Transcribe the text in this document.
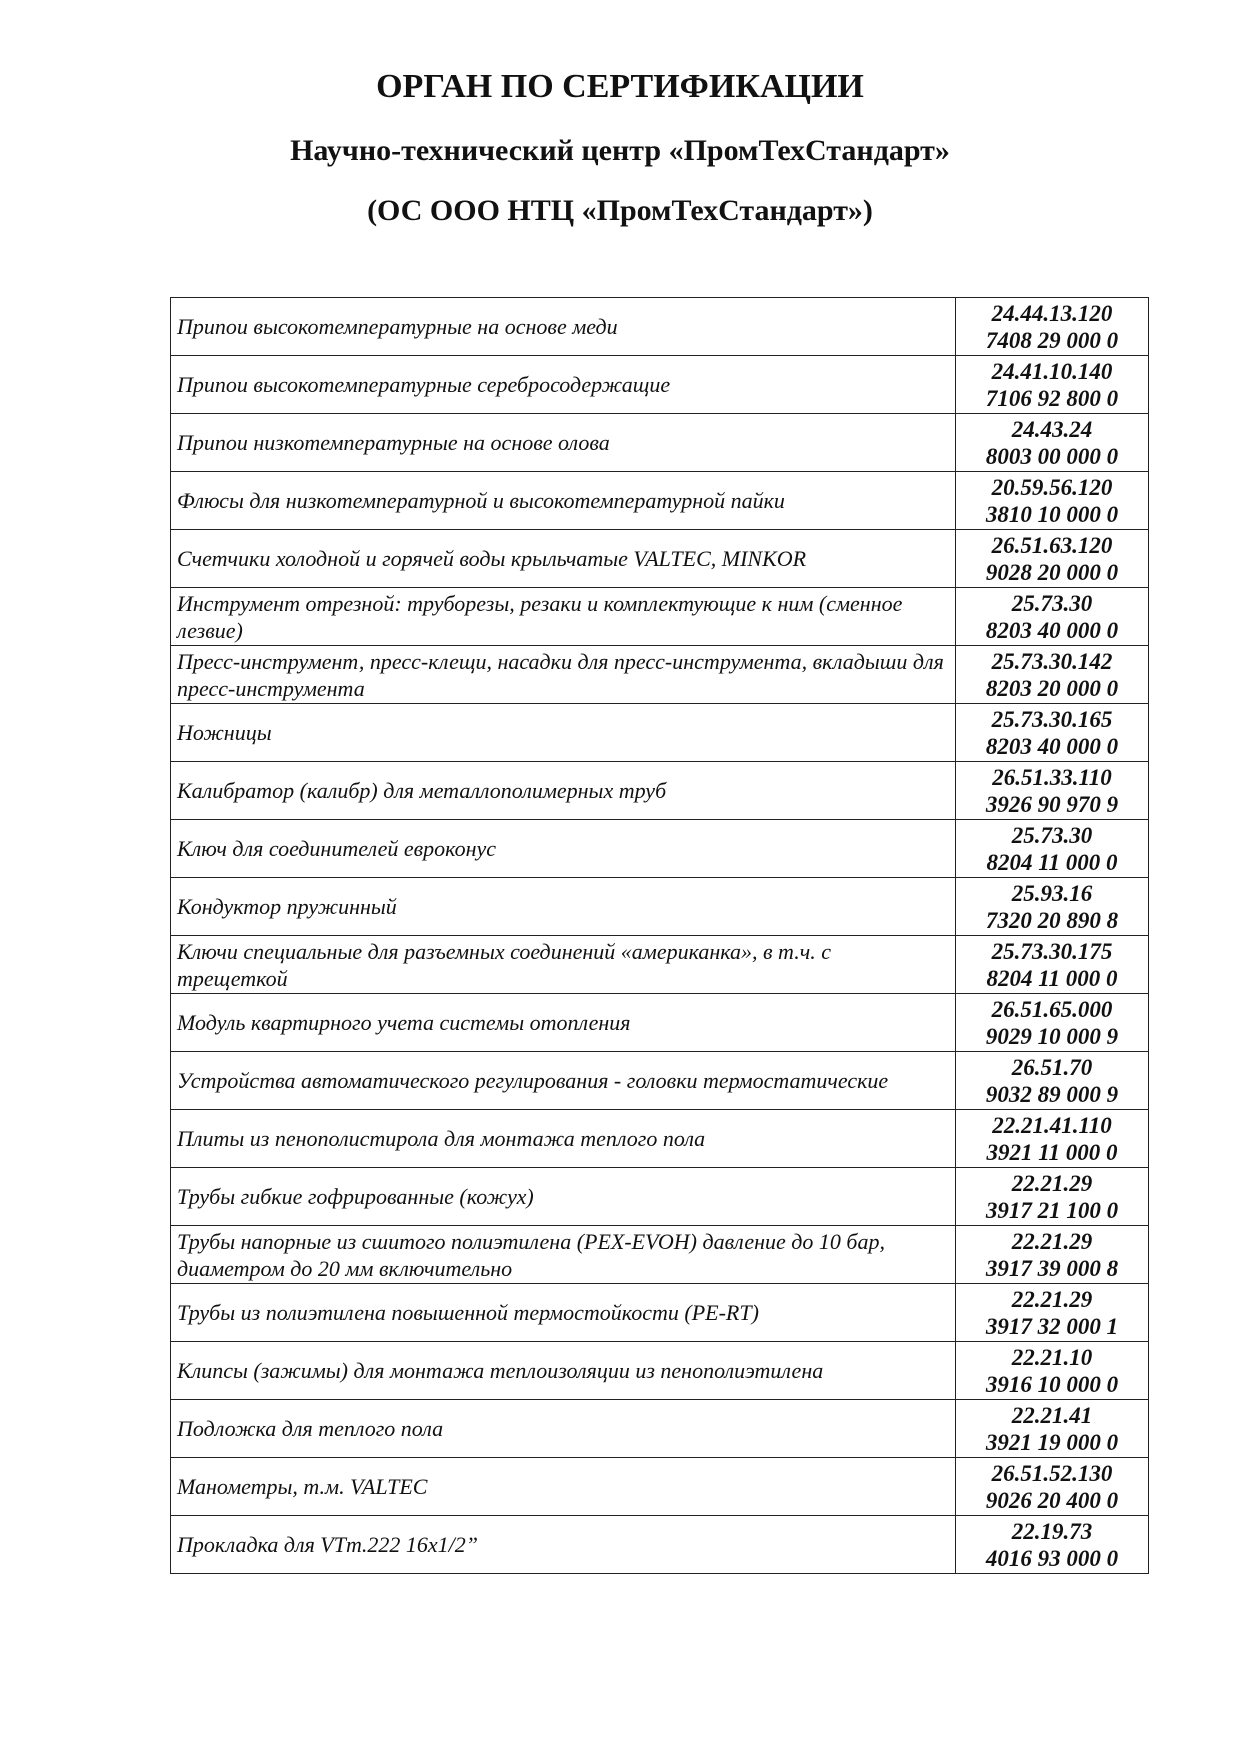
ОРГАН ПО СЕРТИФИКАЦИИ

Научно-технический центр «ПромТехСтандарт»

(ОС ООО НТЦ «ПромТехСтандарт»)

Припои высокотемпературные на основе меди	24.44.13.120
7408 29 000 0

Припои высокотемпературные серебросодержащие	24.41.10.140
7106 92 800 0

Припои низкотемпературные на основе олова	24.43.24
8003 00 000 0

Флюсы для низкотемпературной и высокотемпературной пайки	20.59.56.120
3810 10 000 0

Счетчики холодной и горячей воды крыльчатые VALTEC, MINKOR	26.51.63.120
9028 20 000 0

Инструмент отрезной: труборезы, резаки и комплектующие к ним (сменное лезвие)	25.73.30
8203 40 000 0

Пресс-инструмент, пресс-клещи, насадки для пресс-инструмента, вкладыши для пресс-инструмента	25.73.30.142
8203 20 000 0

Ножницы	25.73.30.165
8203 40 000 0

Калибратор (калибр) для металлополимерных труб	26.51.33.110
3926 90 970 9

Ключ для соединителей евроконус	25.73.30
8204 11 000 0

Кондуктор пружинный	25.93.16
7320 20 890 8

Ключи специальные для разъемных соединений «американка», в т.ч. с трещеткой	25.73.30.175
8204 11 000 0

Модуль квартирного учета системы отопления	26.51.65.000
9029 10 000 9

Устройства автоматического регулирования - головки термостатические	26.51.70
9032 89 000 9

Плиты из пенополистирола для монтажа теплого пола	22.21.41.110
3921 11 000 0

Трубы гибкие гофрированные (кожух)	22.21.29
3917 21 100 0

Трубы напорные из сшитого полиэтилена (PEX-EVOH) давление до 10 бар, диаметром до 20 мм включительно	22.21.29
3917 39 000 8

Трубы из полиэтилена повышенной термостойкости (PE-RT)	22.21.29
3917 32 000 1

Клипсы (зажимы) для монтажа теплоизоляции из пенополиэтилена	22.21.10
3916 10 000 0

Подложка для теплого пола	22.21.41
3921 19 000 0

Манометры, т.м. VALTEC	26.51.52.130
9026 20 400 0

Прокладка для VTm.222 16x1/2”	22.19.73
4016 93 000 0
